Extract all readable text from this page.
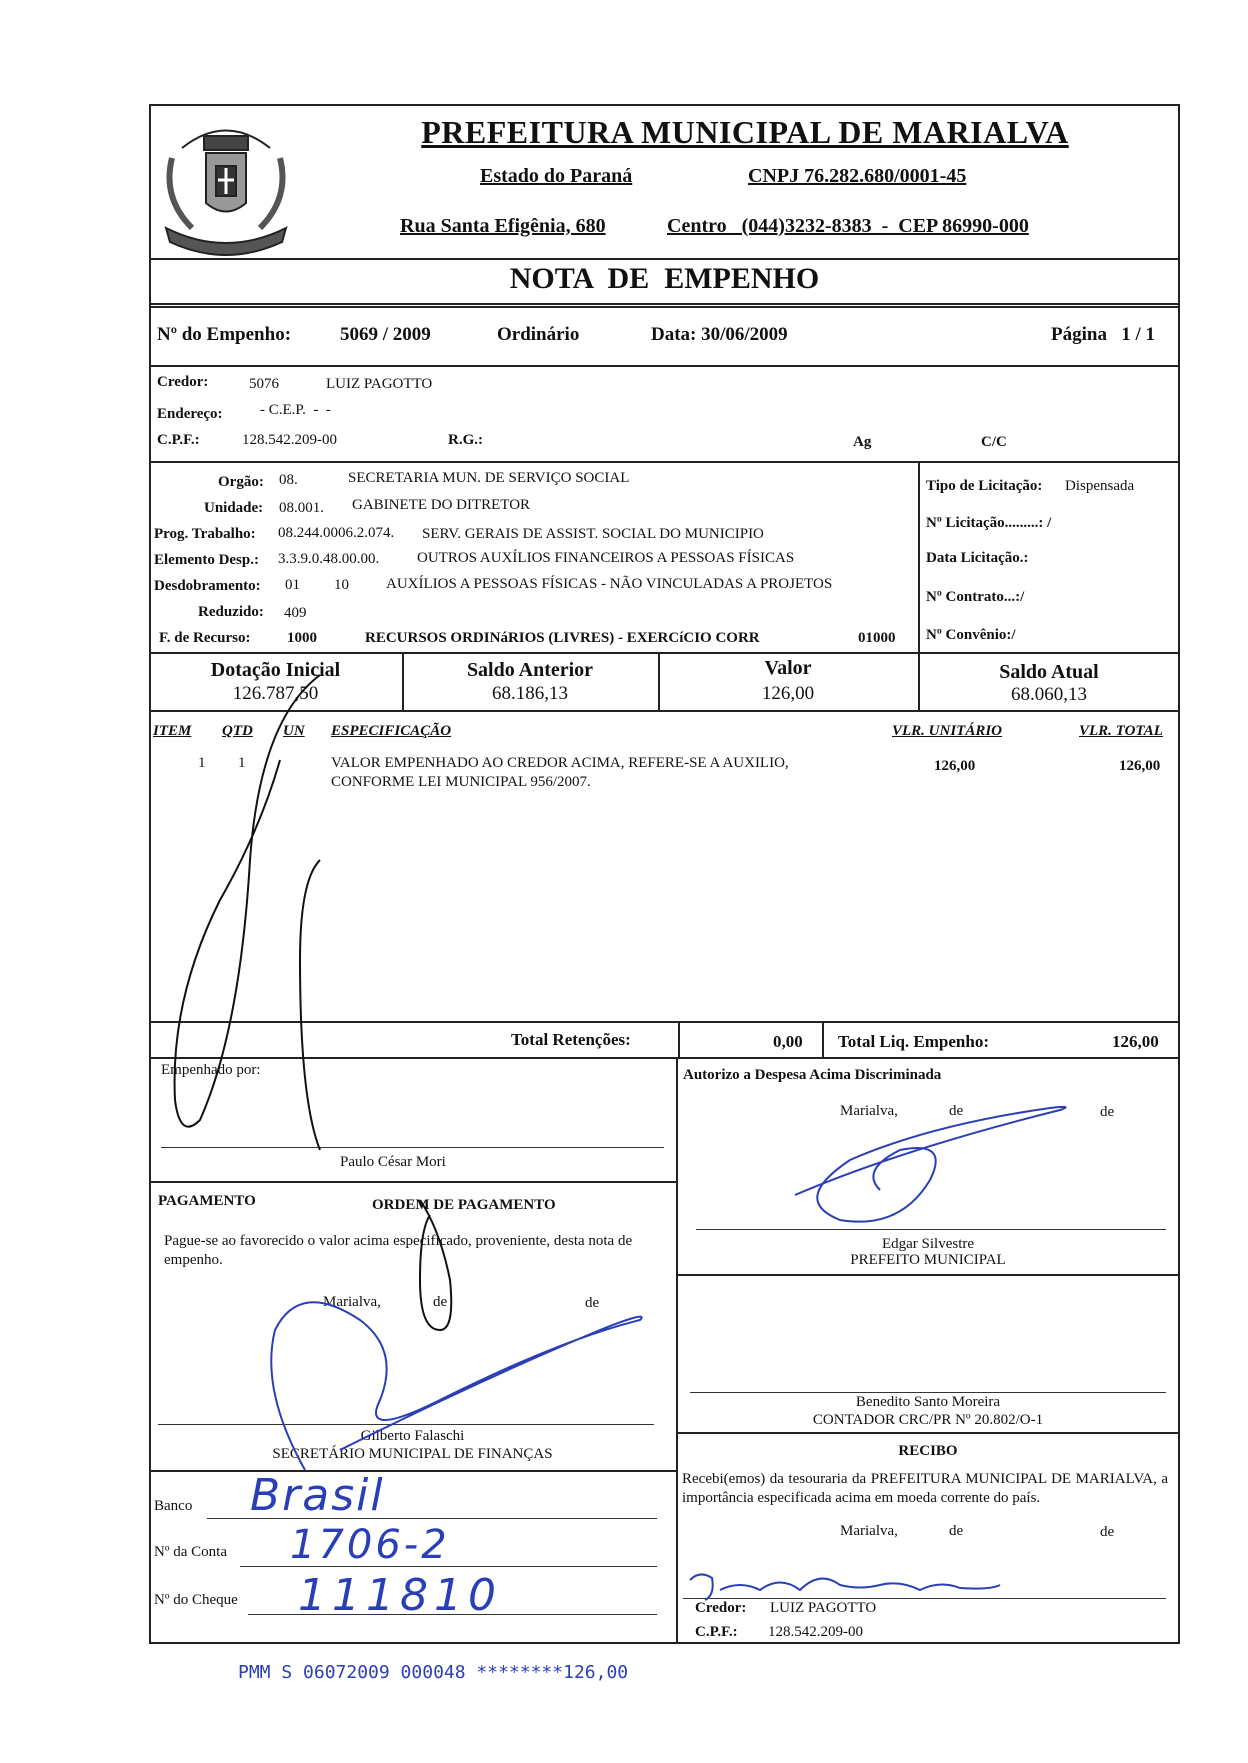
PREFEITURA MUNICIPAL DE MARIALVA
Estado do Paraná	CNPJ 76.282.680/0001-45
Rua Santa Efigênia, 680	Centro   (044)3232-8383  -  CEP 86990-000
NOTA  DE  EMPENHO
Nº do Empenho:	5069 / 2009	Ordinário	Data: 30/06/2009	Página   1 / 1
Credor:	5076	LUIZ PAGOTTO
Endereço: - C.E.P.  -  -
C.P.F.:	128.542.209-00	R.G.:	Ag	C/C
Orgão: 08.	SECRETARIA MUN. DE SERVIÇO SOCIAL
Unidade: 08.001. GABINETE DO DITRETOR
Prog. Trabalho: 08.244.0006.2.074. SERV. GERAIS DE ASSIST. SOCIAL DO MUNICIPIO
Elemento Desp.: 3.3.9.0.48.00.00.	OUTROS AUXÍLIOS FINANCEIROS A PESSOAS FÍSICAS
Desdobramento: 01 10 AUXÍLIOS A PESSOAS FÍSICAS - NÃO VINCULADAS A PROJETOS
Reduzido: 409
F. de Recurso: 1000	RECURSOS ORDINáRIOS (LIVRES) - EXERCíCIO CORR	01000
Tipo de Licitação: Dispensada
Nº Licitação.........: /
Data Licitação.:
Nº Contrato...:/
Nº Convênio:/
Dotação Inicial
126.787,50
Saldo Anterior
68.186,13
Valor
126,00
Saldo Atual
68.060,13
ITEM QTD UN ESPECIFICAÇÃO	VLR. UNITÁRIO	VLR. TOTAL
1 1	VALOR EMPENHADO AO CREDOR ACIMA, REFERE-SE A AUXILIO,
CONFORME LEI MUNICIPAL 956/2007.
126,00	126,00
Total Retenções:	0,00 Total Liq. Empenho:	126,00
Empenhado por:
Paulo César Mori
Autorizo a Despesa Acima Discriminada
Marialva,	de	de
Edgar Silvestre
PREFEITO MUNICIPAL
PAGAMENTO	ORDEM DE PAGAMENTO
Pague-se ao favorecido o valor acima especificado, proveniente, desta nota de empenho.
Marialva,	de	de
Gilberto Falaschi
SECRETÁRIO MUNICIPAL DE FINANÇAS
Benedito Santo Moreira
CONTADOR CRC/PR Nº 20.802/O-1
RECIBO
Recebi(emos) da tesouraria da PREFEITURA MUNICIPAL DE MARIALVA, a importância especificada acima em moeda corrente do país.
Marialva,	de	de
Credor: LUIZ PAGOTTO
C.P.F.: 128.542.209-00
Banco Brasil
Nº da Conta 1706-2
Nº do Cheque 111810
PMM S 06072009 000048 ********126,00
